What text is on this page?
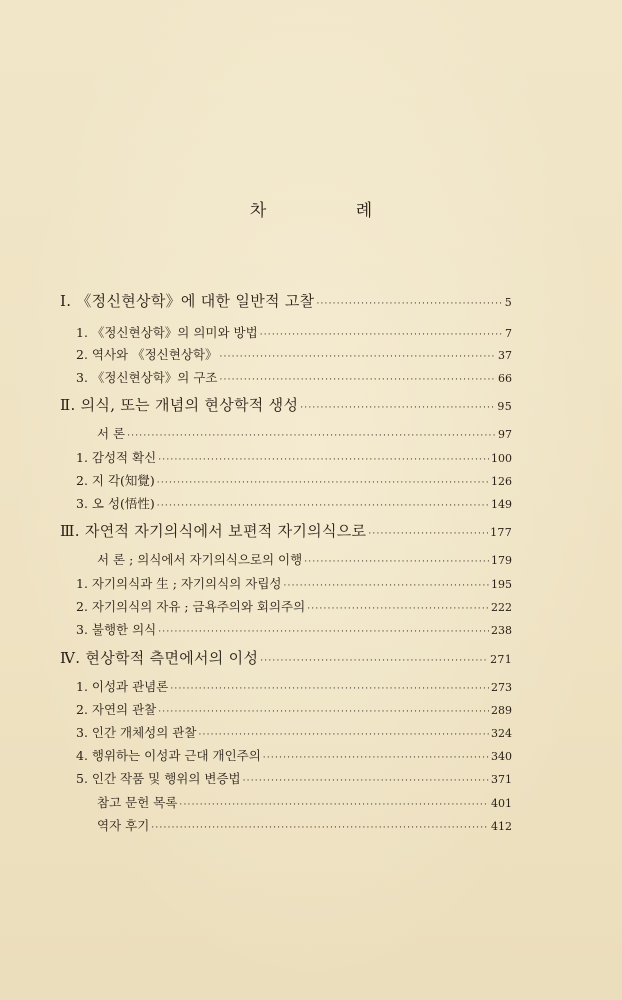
차 례
Ⅰ. 《정신현상학》에 대한 일반적 고찰 ·····	5
1. 《정신현상학》의 의미와 방법 ·····	7
2. 역사와 《정신현상학》 ·····	37
3. 《정신현상학》의 구조 ·····	66
Ⅱ. 의식, 또는 개념의 현상학적 생성 ·····	95
서 론 ·····	97
1. 감성적 확신 ·····	100
2. 지 각(知覺) ·····	126
3. 오 성(悟性) ·····	149
Ⅲ. 자연적 자기의식에서 보편적 자기의식으로 ·····	177
서 론 ; 의식에서 자기의식으로의 이행 ·····	179
1. 자기의식과 生 ; 자기의식의 자립성 ·····	195
2. 자기의식의 자유 ; 금욕주의와 회의주의 ·····	222
3. 불행한 의식 ·····	238
Ⅳ. 현상학적 측면에서의 이성 ·····	271
1. 이성과 관념론 ·····	273
2. 자연의 관찰 ·····	289
3. 인간 개체성의 관찰 ·····	324
4. 행위하는 이성과 근대 개인주의 ·····	340
5. 인간 작품 및 행위의 변증법 ·····	371
참고 문헌 목록 ·····	401
역자 후기 ·····	412
